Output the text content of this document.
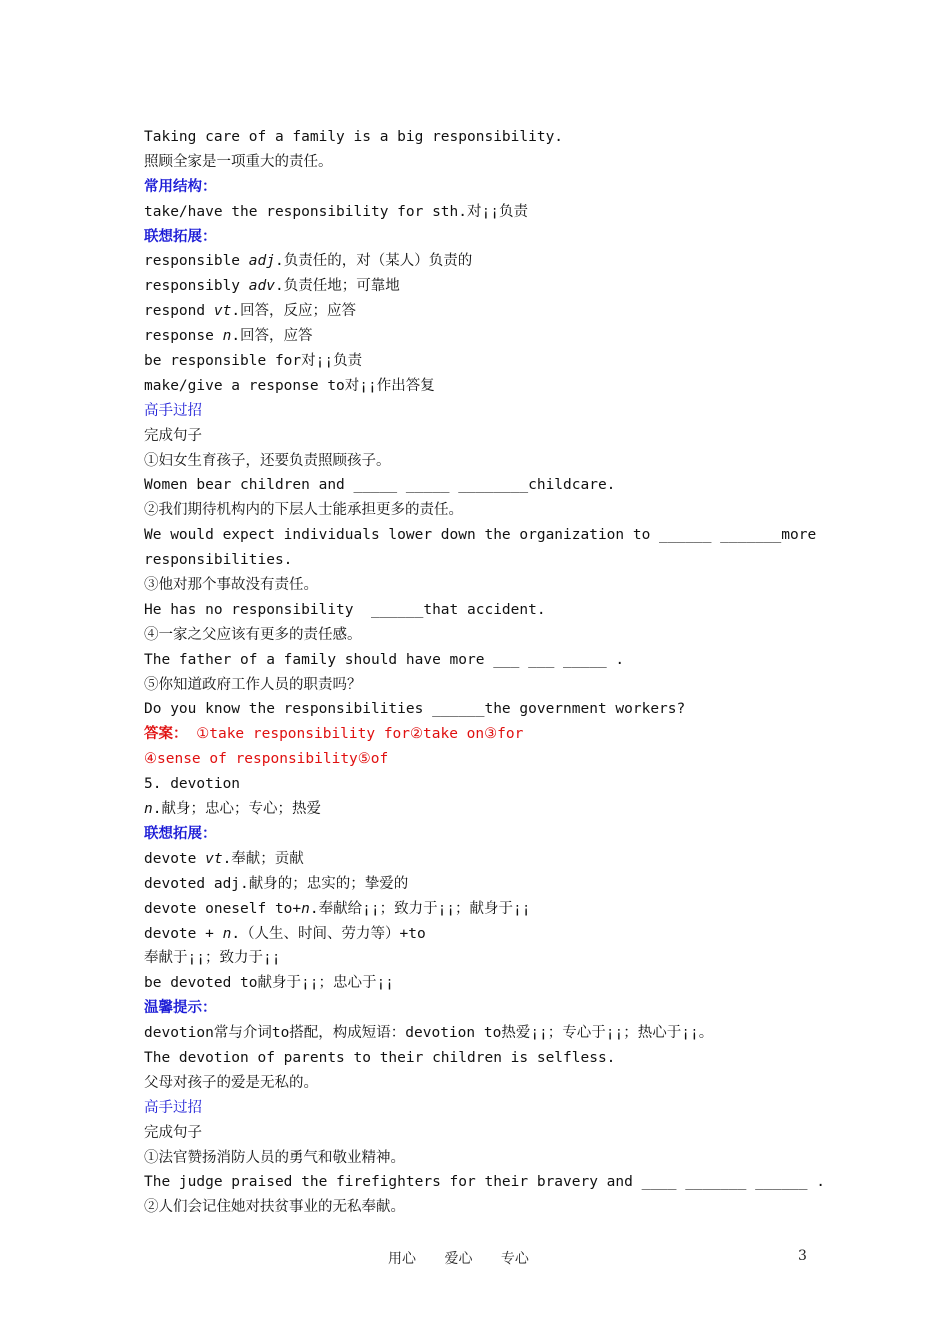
Taking care of a family is a big responsibility.
照顾全家是一项重大的责任。
常用结构：
take/have the responsibility for sth.对¡¡负责
联想拓展：
responsible adj.负责任的，对（某人）负责的
responsibly adv.负责任地；可靠地
respond vt.回答，反应；应答
response n.回答，应答
be responsible for对¡¡负责
make/give a response to对¡¡作出答复
高手过招
完成句子
①妇女生育孩子，还要负责照顾孩子。
Women bear children and _____ _____ ________childcare.
②我们期待机构内的下层人士能承担更多的责任。
We would expect individuals lower down the organization to ______ _______more
responsibilities.
③他对那个事故没有责任。
He has no responsibility  ______that accident.
④一家之父应该有更多的责任感。
The father of a family should have more ___ ___ _____ .
⑤你知道政府工作人员的职责吗？
Do you know the responsibilities ______the government workers?
答案： ①take responsibility for②take on③for
④sense of responsibility⑤of
5. devotion
n.献身；忠心；专心；热爱
联想拓展：
devote vt.奉献；贡献
devoted adj.献身的；忠实的；挚爱的
devote oneself to+n.奉献给¡¡；致力于¡¡；献身于¡¡
devote + n.（人生、时间、劳力等）+to
奉献于¡¡；致力于¡¡
be devoted to献身于¡¡；忠心于¡¡
温馨提示：
devotion常与介词to搭配，构成短语：devotion to热爱¡¡；专心于¡¡；热心于¡¡。
The devotion of parents to their children is selfless.
父母对孩子的爱是无私的。
高手过招
完成句子
①法官赞扬消防人员的勇气和敬业精神。
The judge praised the firefighters for their bravery and ____ _______ ______ .
②人们会记住她对扶贫事业的无私奉献。
用心 爱心 专心	3
